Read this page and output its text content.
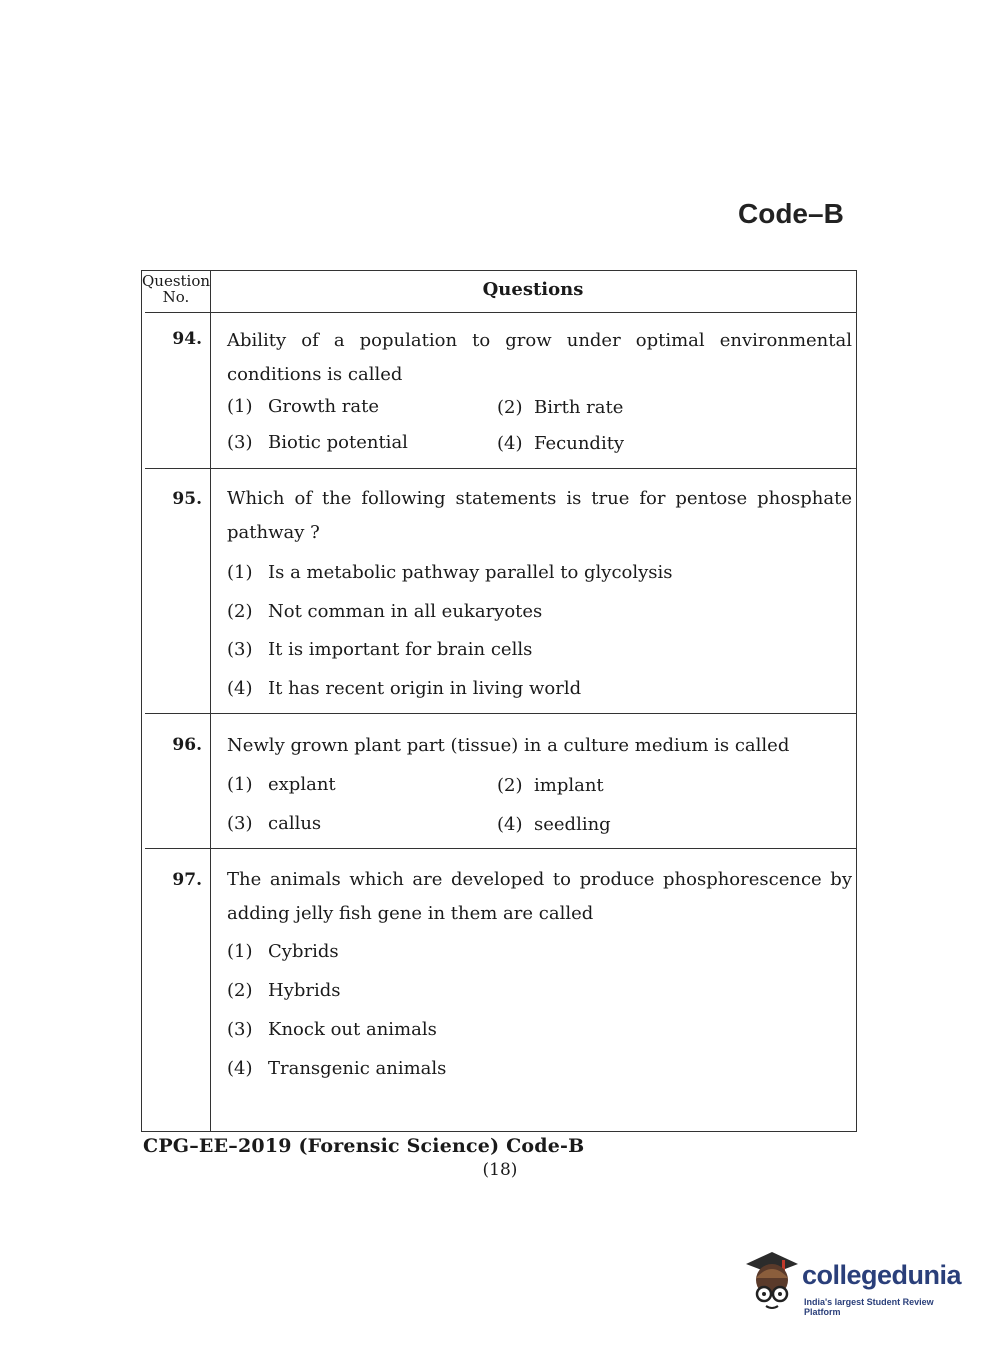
Code–B
Question
No.	Questions
94. Ability of a population to grow under optimal environmental conditions is called
(1) Growth rate	(2) Birth rate
(3) Biotic potential	(4) Fecundity
95. Which of the following statements is true for pentose phosphate pathway ?
(1) Is a metabolic pathway parallel to glycolysis
(2) Not comman in all eukaryotes
(3) It is important for brain cells
(4) It has recent origin in living world
96. Newly grown plant part (tissue) in a culture medium is called
(1) explant	(2) implant
(3) callus	(4) seedling
97. The animals which are developed to produce phosphorescence by adding jelly fish gene in them are called
(1) Cybrids
(2) Hybrids
(3) Knock out animals
(4) Transgenic animals
CPG–EE–2019 (Forensic Science) Code-B
(18)
collegedunia
India's largest Student Review Platform
